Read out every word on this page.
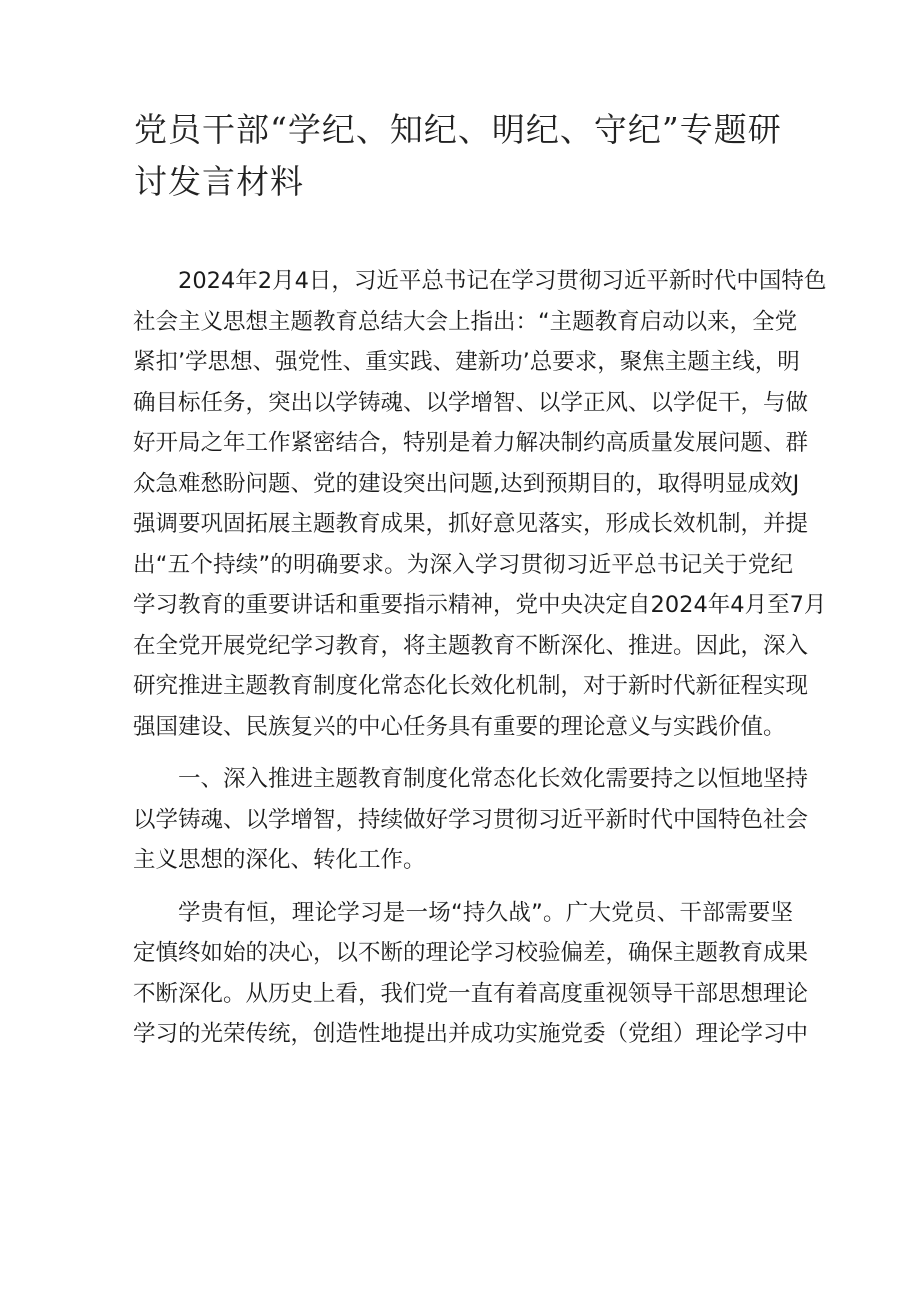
党员干部“学纪、知纪、明纪、守纪”专题研
讨发言材料
2024年2月4日，习近平总书记在学习贯彻习近平新时代中国特色
社会主义思想主题教育总结大会上指出：“主题教育启动以来，全党
紧扣’学思想、强党性、重实践、建新功’总要求，聚焦主题主线，明
确目标任务，突出以学铸魂、以学增智、以学正风、以学促干，与做
好开局之年工作紧密结合，特别是着力解决制约高质量发展问题、群
众急难愁盼问题、党的建设突出问题,达到预期目的，取得明显成效J
强调要巩固拓展主题教育成果，抓好意见落实，形成长效机制，并提
出“五个持续”的明确要求。为深入学习贯彻习近平总书记关于党纪
学习教育的重要讲话和重要指示精神，党中央决定自2024年4月至7月
在全党开展党纪学习教育，将主题教育不断深化、推进。因此，深入
研究推进主题教育制度化常态化长效化机制，对于新时代新征程实现
强国建设、民族复兴的中心任务具有重要的理论意义与实践价值。
一、深入推进主题教育制度化常态化长效化需要持之以恒地坚持
以学铸魂、以学增智，持续做好学习贯彻习近平新时代中国特色社会
主义思想的深化、转化工作。
学贵有恒，理论学习是一场“持久战”。广大党员、干部需要坚
定慎终如始的决心，以不断的理论学习校验偏差，确保主题教育成果
不断深化。从历史上看，我们党一直有着高度重视领导干部思想理论
学习的光荣传统，创造性地提出并成功实施党委（党组）理论学习中
